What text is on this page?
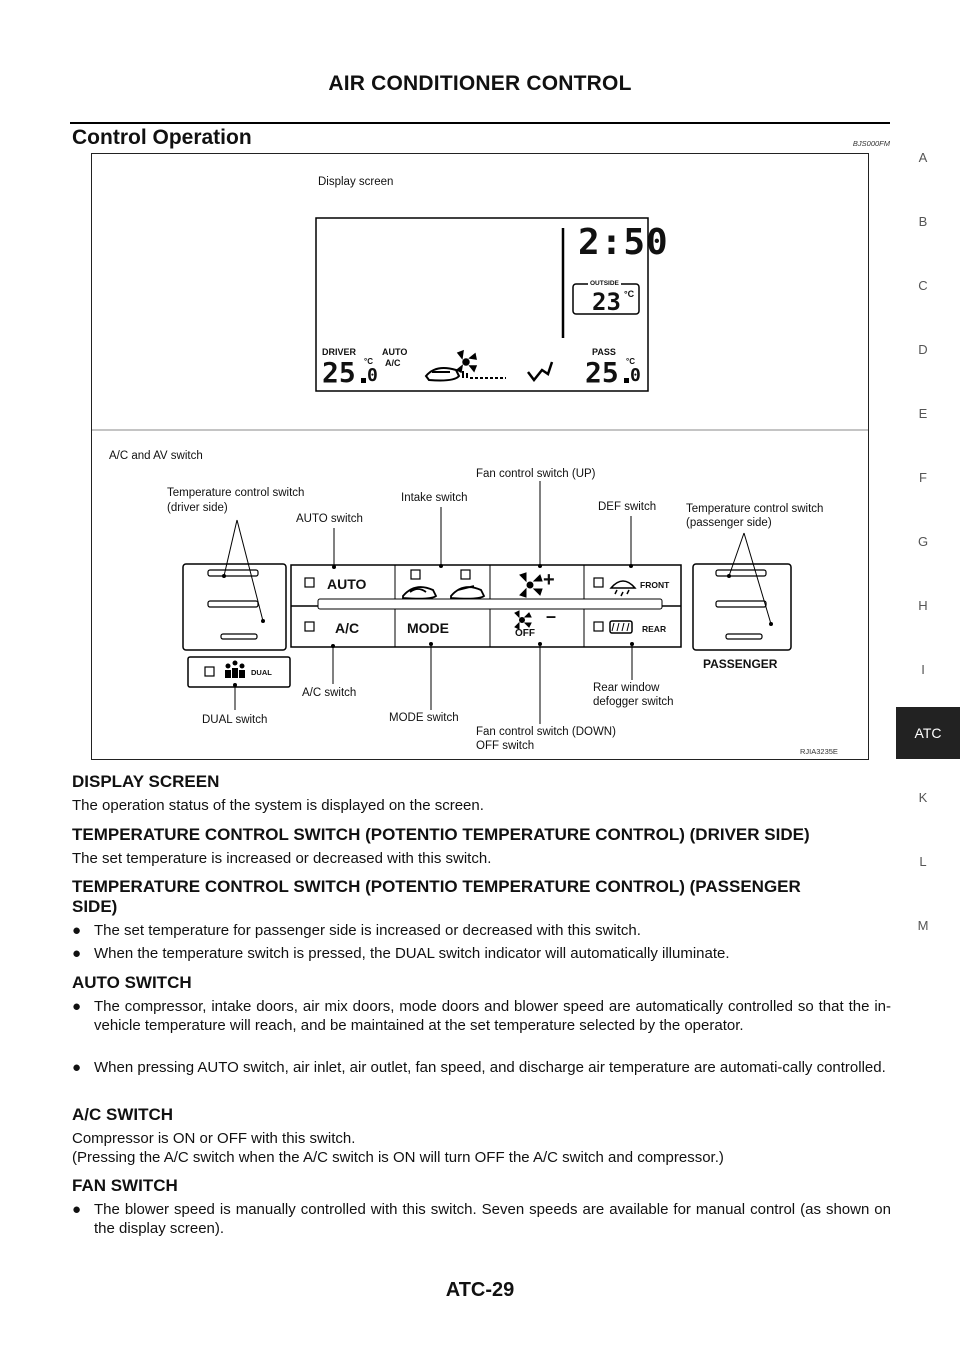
AIR CONDITIONER CONTROL
Control Operation	BJS000FM
Display screen
2:50
OUTSIDE
23 °C
DRIVER
°C
AUTO
A/C
PASS
°C
25 0	25 0
A/C and AV switch
Temperature control switch
(driver side)
AUTO switch
Intake switch
Fan control switch (UP)
DEF switch	Temperature control switch
(passenger side)
A/C switch
MODE switch
Fan control switch (DOWN)
OFF switch
Rear window
defogger switch
DUAL switch
AUTO
A/C	MODE
+
–
OFF
FRONT
REAR
DUAL
PASSENGER
RJIA3235E
DISPLAY SCREEN
The operation status of the system is displayed on the screen.
TEMPERATURE CONTROL SWITCH (POTENTIO TEMPERATURE CONTROL) (DRIVER SIDE)
The set temperature is increased or decreased with this switch.
TEMPERATURE CONTROL SWITCH (POTENTIO TEMPERATURE CONTROL) (PASSENGER
SIDE)
● The set temperature for passenger side is increased or decreased with this switch.
● When the temperature switch is pressed, the DUAL switch indicator will automatically illuminate.
AUTO SWITCH
● The compressor, intake doors, air mix doors, mode doors and blower speed are automatically controlled so that the in-vehicle temperature will reach, and be maintained at the set temperature selected by the operator.
● When pressing AUTO switch, air inlet, air outlet, fan speed, and discharge air temperature are automati-cally controlled.
A/C SWITCH
Compressor is ON or OFF with this switch.
(Pressing the A/C switch when the A/C switch is ON will turn OFF the A/C switch and compressor.)
FAN SWITCH
● The blower speed is manually controlled with this switch. Seven speeds are available for manual control (as shown on the display screen).
A
B
C
D
E
F
G
H
I
ATC
K
L
M
ATC-29
